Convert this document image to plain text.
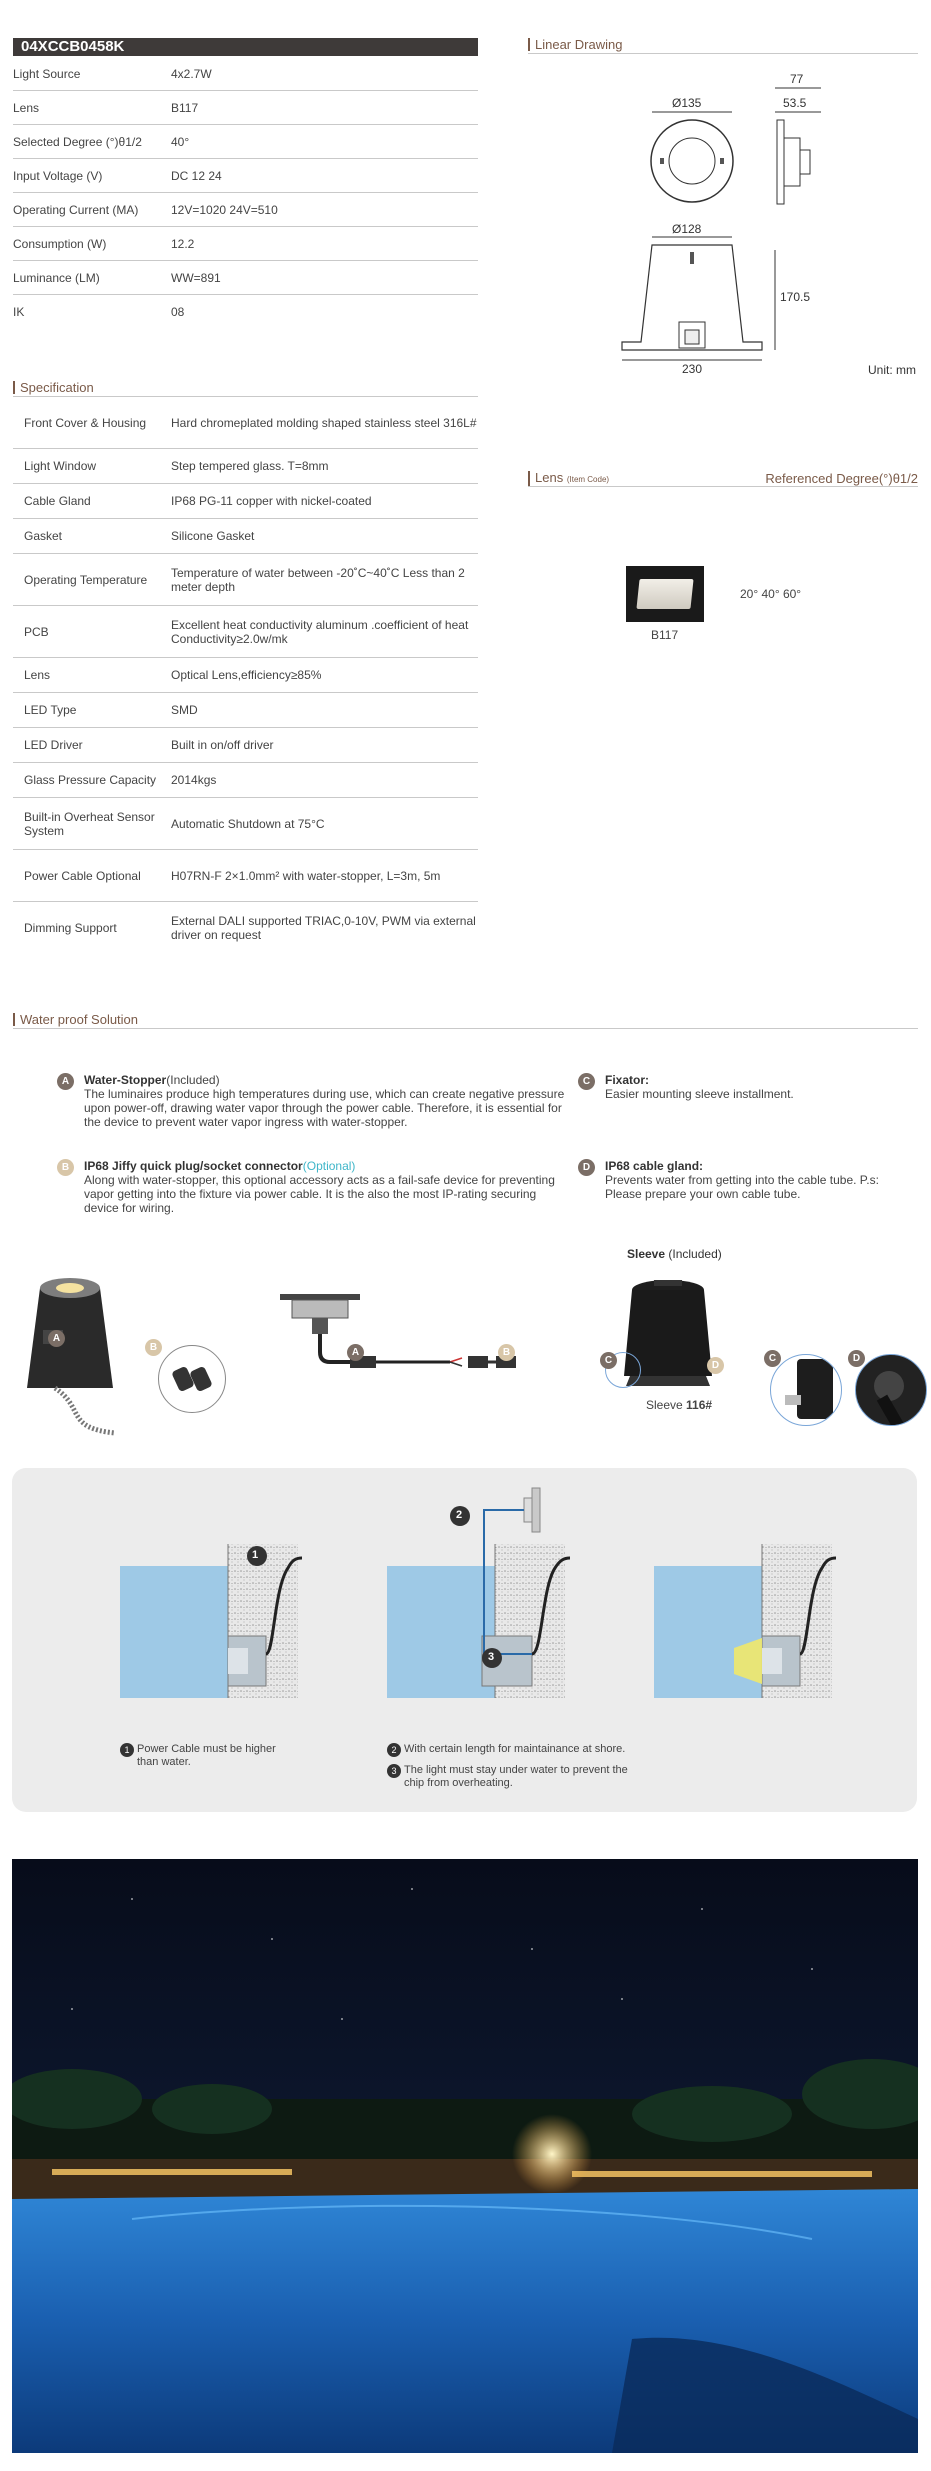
04XCCB0458K
Light Source	4x2.7W
Lens	B117
Selected Degree (°)θ1/2	40°
Input Voltage (V)	DC 12 24
Operating Current (MA)	12V=1020 24V=510
Consumption (W)	12.2
Luminance (LM)	WW=891
IK	08
Specification
Front Cover & Housing	Hard chromeplated molding shaped stainless steel 316L#
Light Window	Step tempered glass. T=8mm
Cable Gland	IP68 PG-11 copper with nickel-coated
Gasket	Silicone Gasket
Operating Temperature	Temperature of water between -20˚C~40˚C Less than 2 meter depth
PCB	Excellent heat conductivity aluminum .coefficient of heat Conductivity≥2.0w/mk
Lens	Optical Lens,efficiency≥85%
LED Type	SMD
LED Driver	Built in on/off driver
Glass Pressure Capacity	2014kgs
Built-in Overheat Sensor System	Automatic Shutdown at 75°C
Power Cable Optional	H07RN-F 2×1.0mm² with water-stopper, L=3m, 5m
Dimming Support	External DALI supported TRIAC,0-10V, PWM via external driver on request
Linear Drawing
Ø135
77
53.5
Ø128
170.5
230	Unit: mm
Lens (Item Code)	Referenced Degree(°)θ1/2
B117
20° 40° 60°
Water proof Solution
A	Water-Stopper(Included)
The luminaires produce high temperatures during use, which can create negative pressure upon power-off, drawing water vapor through the power cable. Therefore, it is essential for the device to prevent water vapor ingress with water-stopper.
B	IP68 Jiffy quick plug/socket connector(Optional)
Along with water-stopper, this optional accessory acts as a fail-safe device for preventing vapor getting into the fixture via power cable. It is the also the most IP-rating securing device for wiring.
C	Fixator:
Easier mounting sleeve installment.
D	IP68 cable gland:
Prevents water from getting into the cable tube. P.s: Please prepare your own cable tube.
A
B	A	B
Sleeve (Included)
C	D
Sleeve 116#
C	D
1
2
3
1 Power Cable must be higher than water.
2 With certain length for maintainance at shore.
3 The light must stay under water to prevent the chip from overheating.
